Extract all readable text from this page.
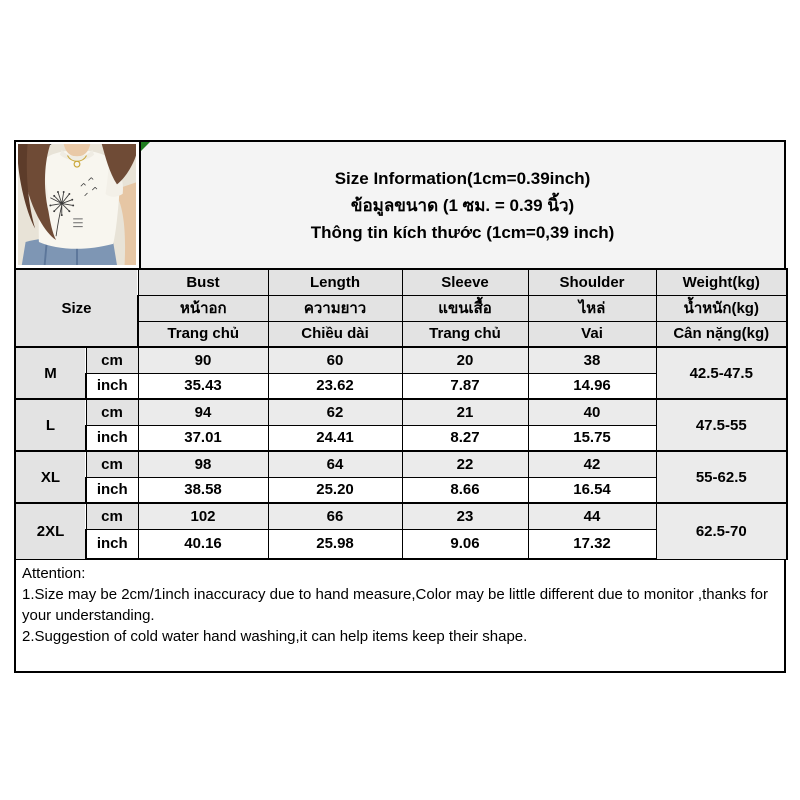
Size Information(1cm=0.39inch)
ข้อมูลขนาด (1 ซม. = 0.39 นิ้ว)
Thông tin kích thước (1cm=0,39 inch)
Size		Bust	Length	Sleeve	Shoulder	Weight(kg)
		หน้าอก	ความยาว	แขนเสื้อ	ไหล่	น้ำหนัก(kg)
		Trang chủ	Chiều dài	Trang chủ	Vai	Cân nặng(kg)
M	cm	90	60	20	38	42.5-47.5
	inch	35.43	23.62	7.87	14.96	
L	cm	94	62	21	40	47.5-55
	inch	37.01	24.41	8.27	15.75	
XL	cm	98	64	22	42	55-62.5
	inch	38.58	25.20	8.66	16.54	
2XL	cm	102	66	23	44	62.5-70
	inch	40.16	25.98	9.06	17.32	

Attention:

1.Size may be 2cm/1inch inaccuracy due to hand measure,Color may be little different due to monitor ,thanks for your understanding.

2.Suggestion of cold water hand washing,it can help items keep their shape.
